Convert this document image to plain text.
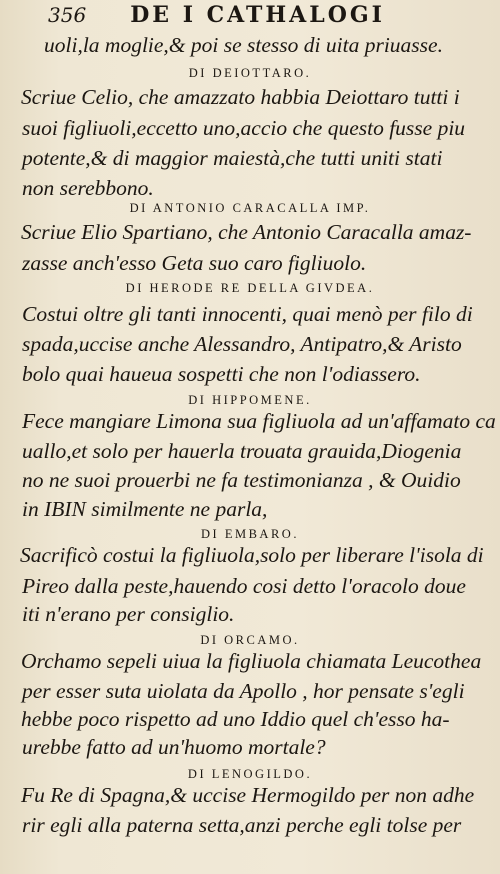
356 DE I CATHALOGI
uoli,la moglie,& poi se stesso di uita priuasse.
DI DEIOTTARO.
Scriue Celio, che amazzato habbia Deiottaro tutti i
suoi figliuoli,eccetto uno,accio che questo fusse piu
potente,& di maggior maiestà,che tutti uniti stati
non serebbono.
DI ANTONIO CARACALLA IMP.
Scriue Elio Spartiano, che Antonio Caracalla amaz-
zasse anch'esso Geta suo caro figliuolo.
DI HERODE RE DELLA GIVDEA.
Costui oltre gli tanti innocenti, quai menò per filo di
spada,uccise anche Alessandro, Antipatro,& Aristo
bolo quai haueua sospetti che non l'odiassero.
DI HIPPOMENE.
Fece mangiare Limona sua figliuola ad un'affamato ca
uallo,et solo per hauerla trouata grauida,Diogenia
no ne suoi prouerbi ne fa testimonianza , & Ouidio
in IBIN similmente ne parla,
DI EMBARO.
Sacrificò costui la figliuola,solo per liberare l'isola di
Pireo dalla peste,hauendo cosi detto l'oracolo doue
iti n'erano per consiglio.
DI ORCAMO.
Orchamo sepeli uiua la figliuola chiamata Leucothea
per esser suta uiolata da Apollo , hor pensate s'egli
hebbe poco rispetto ad uno Iddio quel ch'esso ha-
urebbe fatto ad un'huomo mortale?
DI LENOGILDO.
Fu Re di Spagna,& uccise Hermogildo per non adhe
rir egli alla paterna setta,anzi perche egli tolse per
